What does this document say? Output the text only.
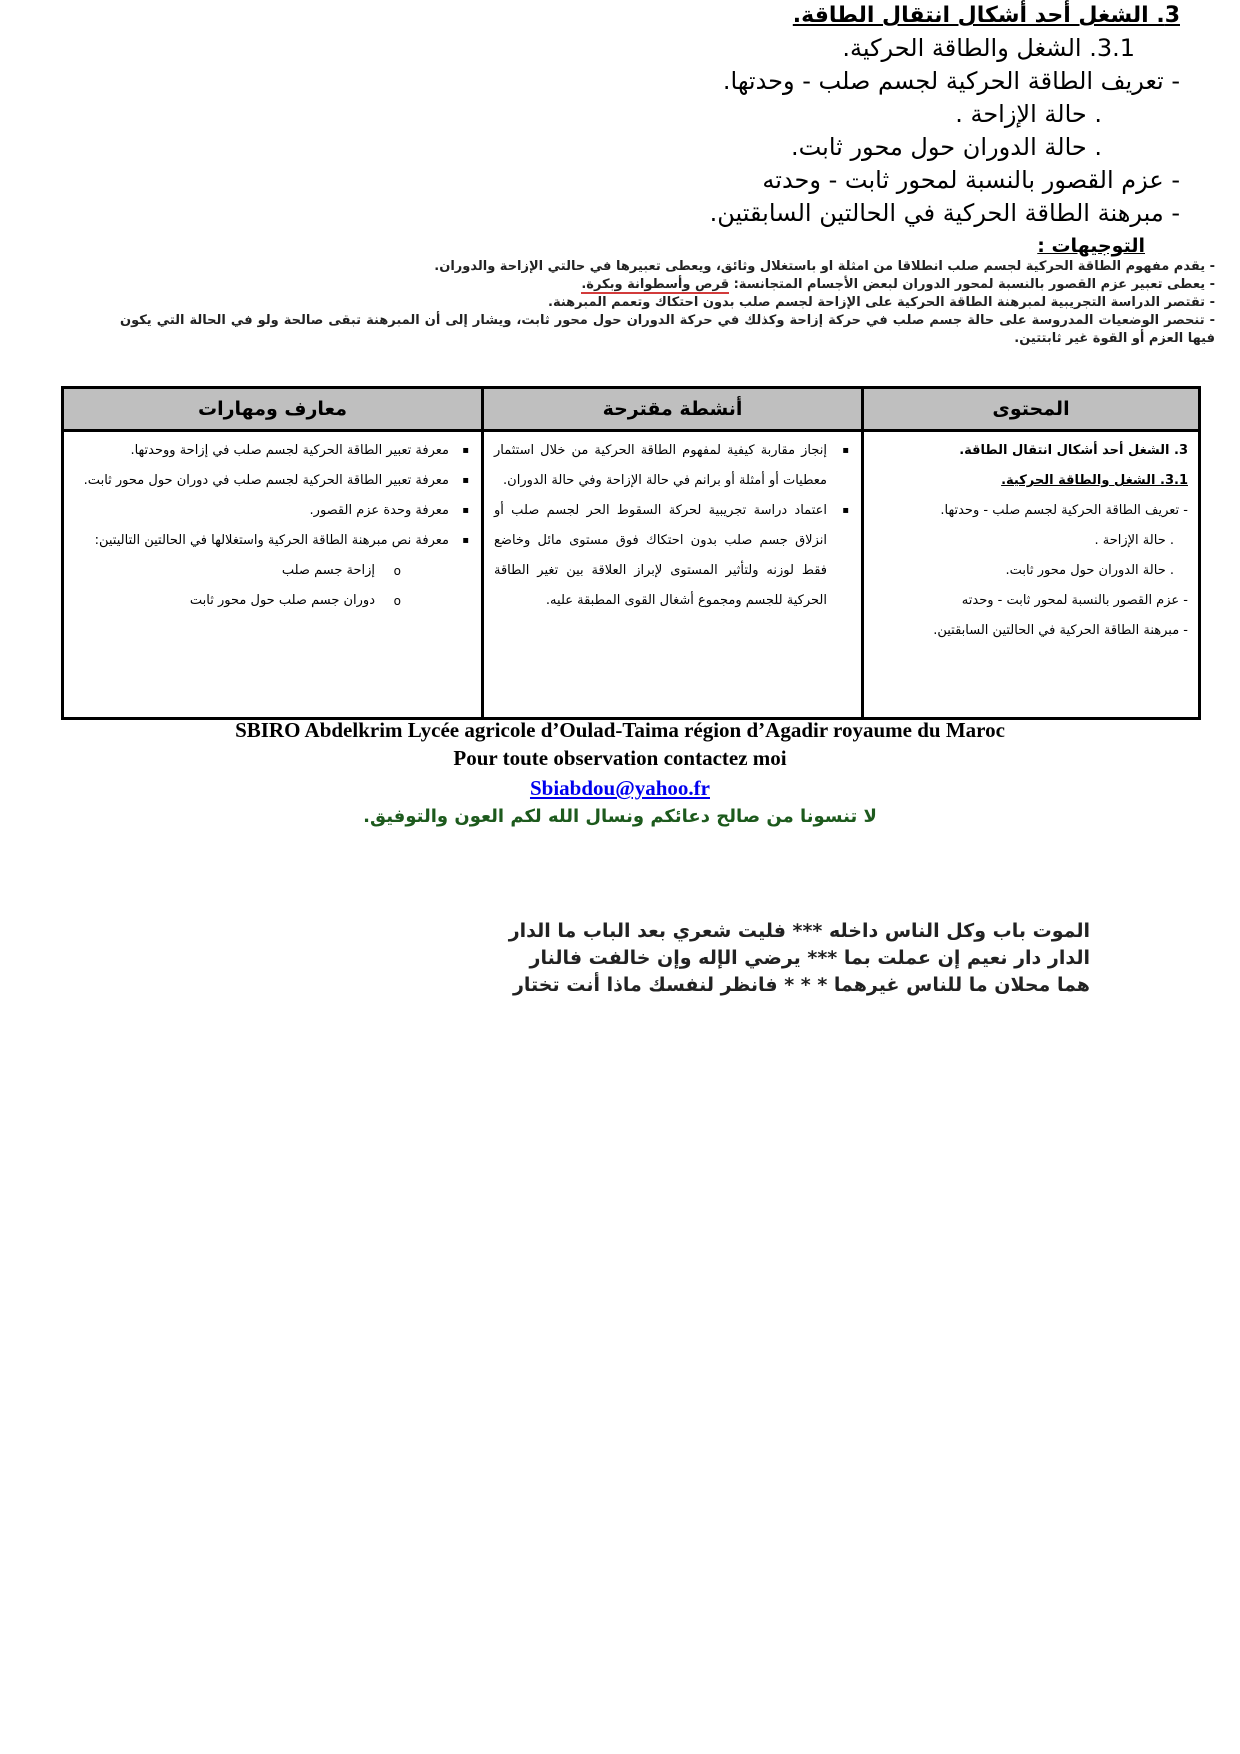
3. الشغل أحد أشكال انتقال الطاقة.
3.1. الشغل والطاقة الحركية.
- تعريف الطاقة الحركية لجسم صلب - وحدتها.
. حالة الإزاحة .
. حالة الدوران حول محور ثابت.
- عزم القصور بالنسبة لمحور ثابت - وحدته
- مبرهنة الطاقة الحركية في الحالتين السابقتين.
التوجيهات :
- يقدم مفهوم الطاقة الحركية لجسم صلب انطلاقا من امثلة او باستغلال وثائق، ويعطى تعبيرها في حالتي الإزاحة والدوران.
- يعطى تعبير عزم القصور بالنسبة لمحور الدوران لبعض الأجسام المتجانسة: قرص وأسطوانة وبكرة.
- تقتصر الدراسة التجريبية لمبرهنة الطاقة الحركية على الإزاحة لجسم صلب بدون احتكاك وتعمم المبرهنة.
- تنحصر الوضعيات المدروسة على حالة جسم صلب في حركة إزاحة وكذلك في حركة الدوران حول محور ثابت، ويشار إلى أن المبرهنة تبقى صالحة ولو في الحالة التي يكون فيها العزم أو القوة غير ثابتتين.
معارف ومهارات	أنشطة مقترحة	المحتوى
▪ معرفة تعبير الطاقة الحركية لجسم صلب في إزاحة ووحدتها.
▪ معرفة تعبير الطاقة الحركية لجسم صلب في دوران حول محور ثابت.
▪ معرفة وحدة عزم القصور.
▪ معرفة نص مبرهنة الطاقة الحركية واستغلالها في الحالتين التاليتين:
o إزاحة جسم صلب
o دوران جسم صلب حول محور ثابت
▪ إنجاز مقاربة كيفية لمفهوم الطاقة الحركية من خلال استثمار معطيات أو أمثلة أو برانم في حالة الإزاحة وفي حالة الدوران.
▪ اعتماد دراسة تجريبية لحركة السقوط الحر لجسم صلب أو انزلاق جسم صلب بدون احتكاك فوق مستوى مائل وخاضع فقط لوزنه ولتأثير المستوى لإبراز العلاقة بين تغير الطاقة الحركية للجسم ومجموع أشغال القوى المطبقة عليه.
3. الشغل أحد أشكال انتقال الطاقة.
3.1. الشغل والطاقة الحركية.
- تعريف الطاقة الحركية لجسم صلب - وحدتها.
. حالة الإزاحة .
. حالة الدوران حول محور ثابت.
- عزم القصور بالنسبة لمحور ثابت - وحدته
- مبرهنة الطاقة الحركية في الحالتين السابقتين.
SBIRO Abdelkrim Lycée agricole d’Oulad-Taima région d’Agadir royaume du Maroc
Pour toute observation contactez moi
Sbiabdou@yahoo.fr
لا تنسونا من صالح دعائكم ونسال الله لكم العون والتوفيق.
الموت باب وكل الناس داخله *** فليت شعري بعد الباب ما الدار
الدار دار نعيم إن عملت بما *** يرضي الإله وإن خالفت فالنار
هما محلان ما للناس غيرهما * * * فانظر لنفسك ماذا أنت تختار
